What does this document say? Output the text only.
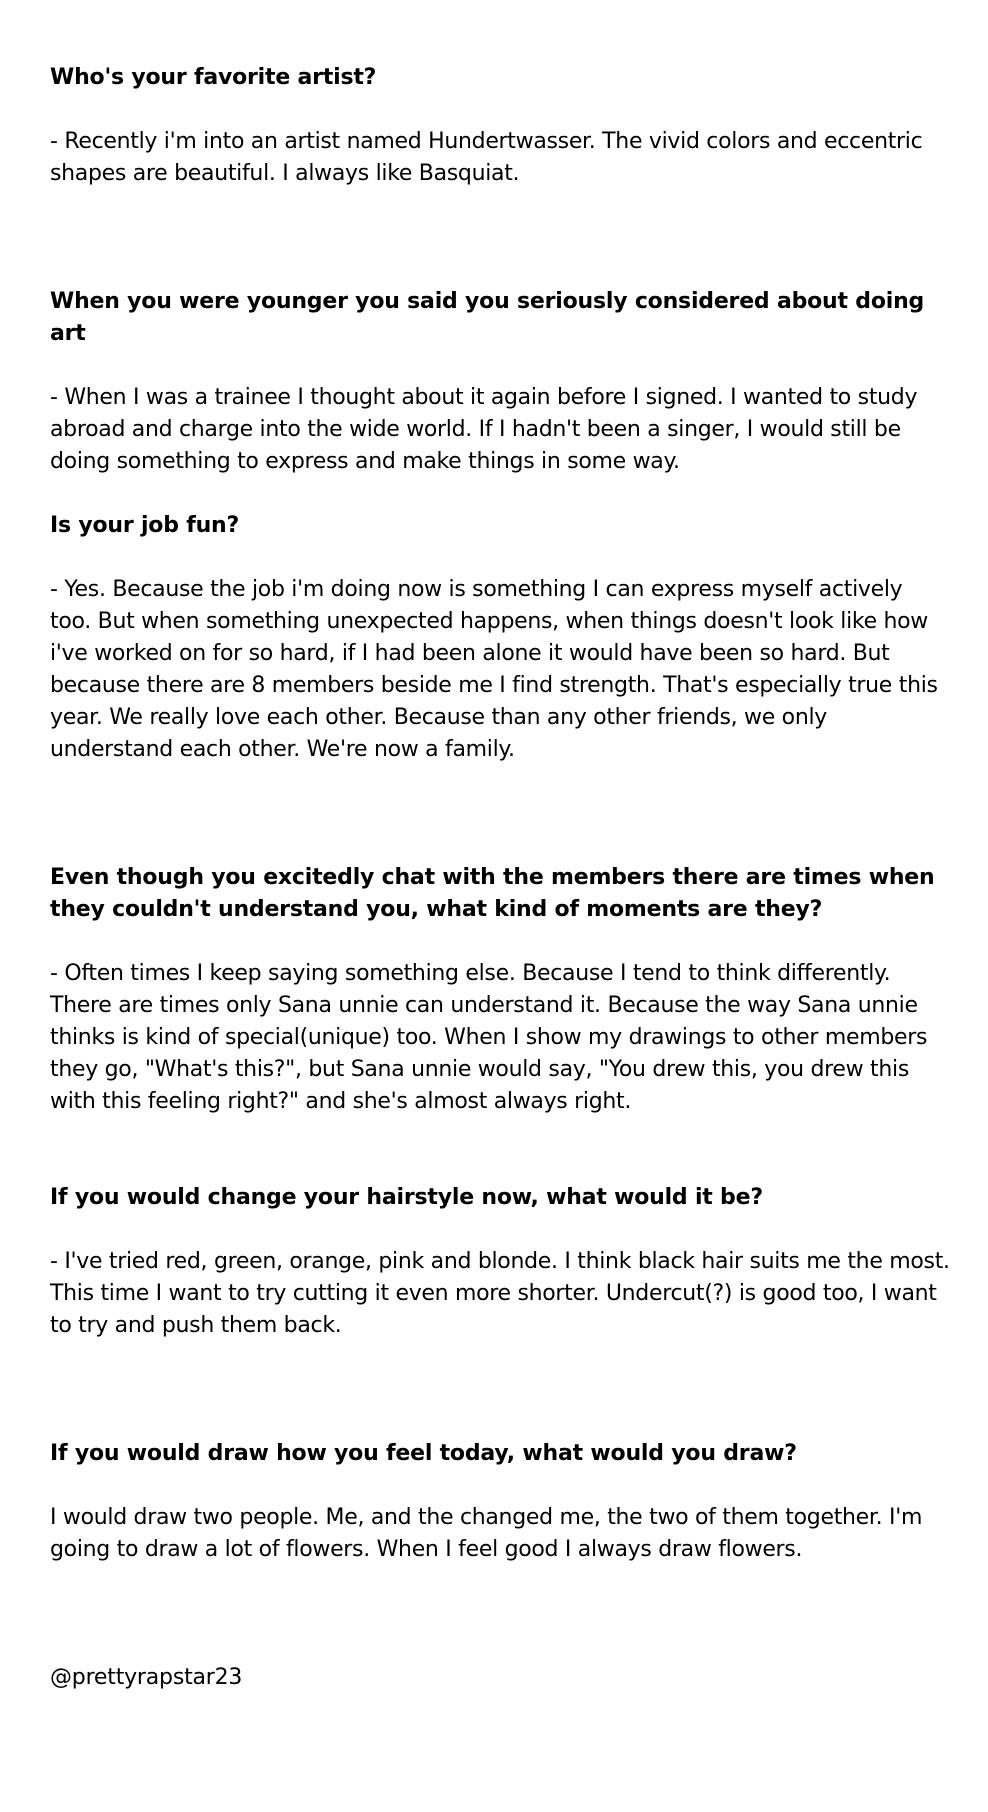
Who's your favorite artist?

- Recently i'm into an artist named Hundertwasser. The vivid colors and eccentric shapes are beautiful. I always like Basquiat.

When you were younger you said you seriously considered about doing art

- When I was a trainee I thought about it again before I signed. I wanted to study abroad and charge into the wide world. If I hadn't been a singer, I would still be doing something to express and make things in some way.

Is your job fun?

- Yes. Because the job i'm doing now is something I can express myself actively too. But when something unexpected happens, when things doesn't look like how i've worked on for so hard, if I had been alone it would have been so hard. But because there are 8 members beside me I find strength. That's especially true this year. We really love each other. Because than any other friends, we only understand each other. We're now a family.

Even though you excitedly chat with the members there are times when they couldn't understand you, what kind of moments are they?

- Often times I keep saying something else. Because I tend to think differently. There are times only Sana unnie can understand it. Because the way Sana unnie thinks is kind of special(unique) too. When I show my drawings to other members they go, "What's this?", but Sana unnie would say, "You drew this, you drew this with this feeling right?" and she's almost always right.

If you would change your hairstyle now, what would it be?

- I've tried red, green, orange, pink and blonde. I think black hair suits me the most. This time I want to try cutting it even more shorter. Undercut(?) is good too, I want to try and push them back.

If you would draw how you feel today, what would you draw?

I would draw two people. Me, and the changed me, the two of them together. I'm going to draw a lot of flowers. When I feel good I always draw flowers.

@prettyrapstar23
